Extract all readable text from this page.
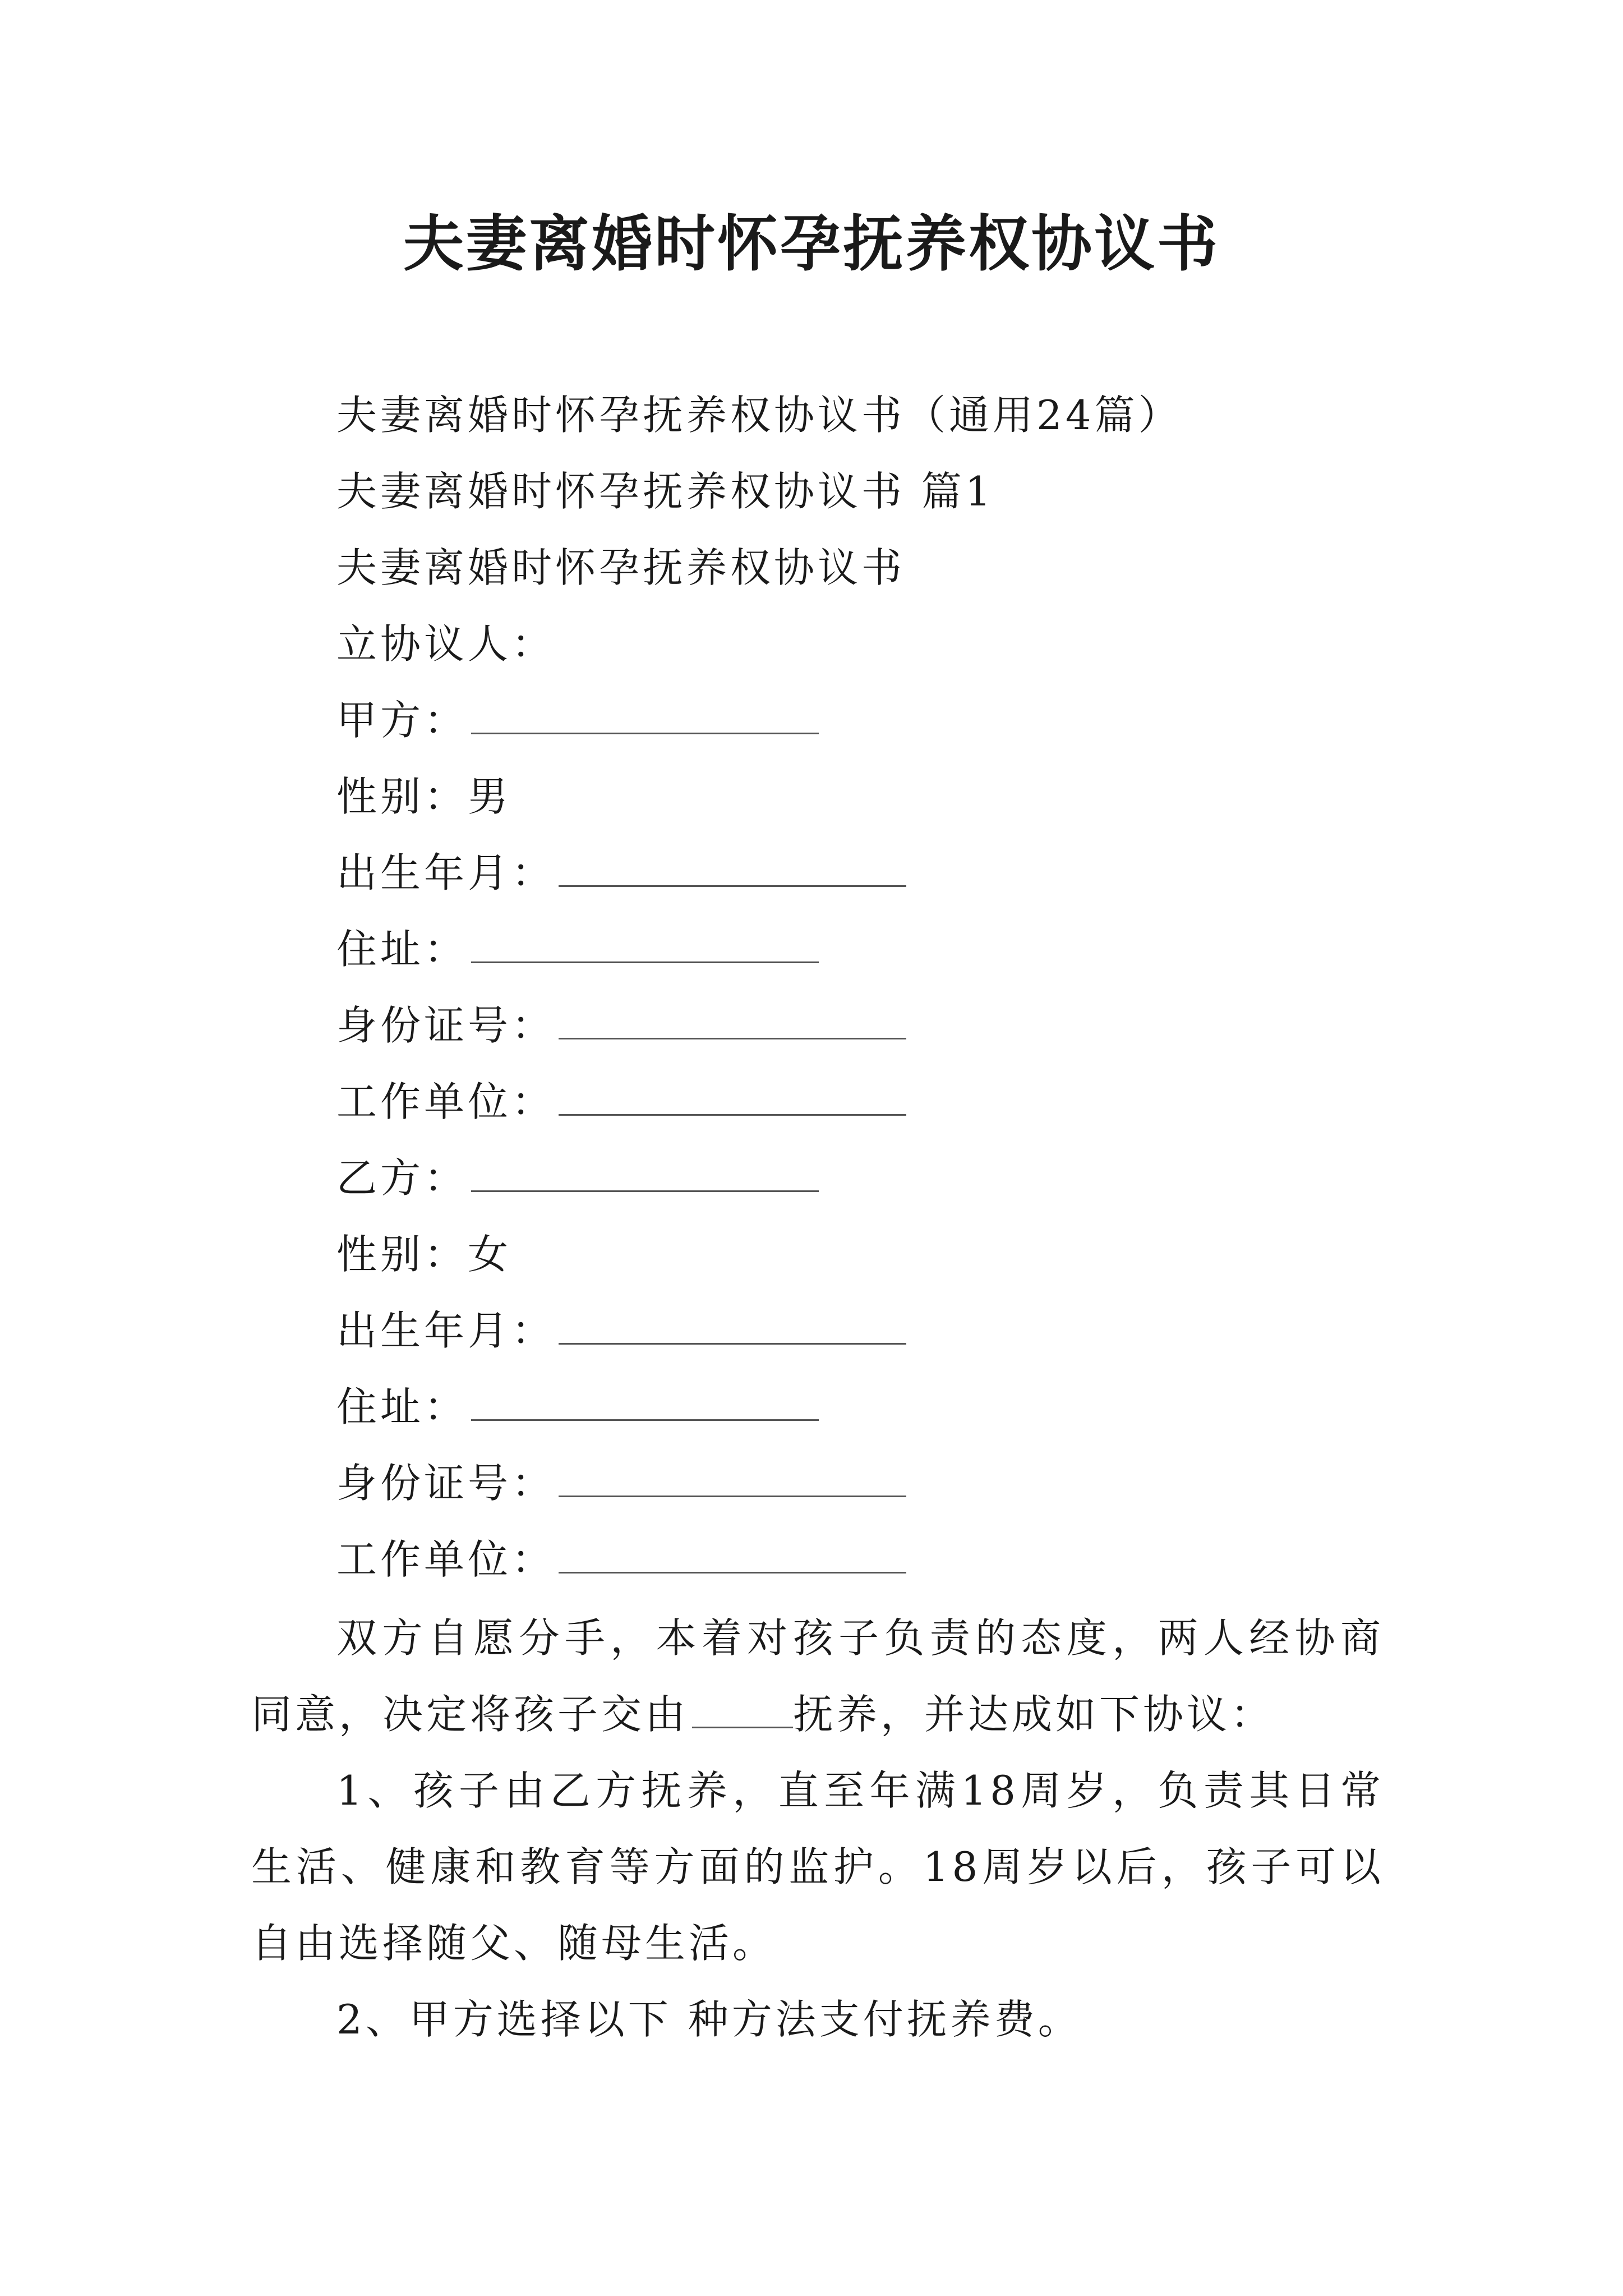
夫妻离婚时怀孕抚养权协议书
夫妻离婚时怀孕抚养权协议书（通用24篇）
夫妻离婚时怀孕抚养权协议书 篇1
夫妻离婚时怀孕抚养权协议书
立协议人：
甲方：
性别：男
出生年月：
住址：
身份证号：
工作单位：
乙方：
性别：女
出生年月：
住址：
身份证号：
工作单位：
双方自愿分手，本着对孩子负责的态度，两人经协商同意，决定将孩子交由	抚养，并达成如下协议：
1、孩子由乙方抚养，直至年满18周岁，负责其日常生活、健康和教育等方面的监护。18周岁以后，孩子可以自由选择随父、随母生活。
2、甲方选择以下 种方法支付抚养费。
